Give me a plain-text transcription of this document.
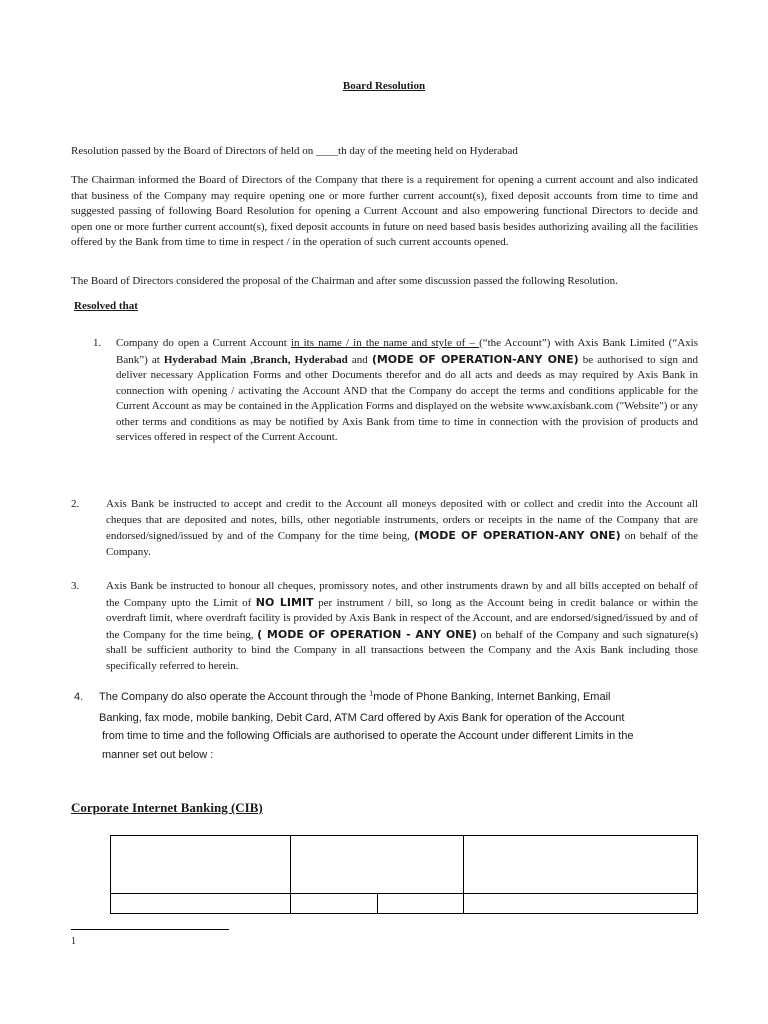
Board Resolution

Resolution passed by the Board of Directors of held on ____th day of the meeting held on Hyderabad

The Chairman informed the Board of Directors of the Company that there is a requirement for opening a current account and also indicated that business of the Company may require opening one or more further current account(s), fixed deposit accounts from time to time and suggested passing of following Board Resolution for opening a Current Account and also empowering functional Directors to decide and open one or more further current account(s), fixed deposit accounts in future on need based basis besides authorizing availing all the facilities offered by the Bank from time to time in respect / in the operation of such current accounts opened.

The Board of Directors considered the proposal of the Chairman and after some discussion passed the following Resolution.

Resolved that
1. Company do open a Current Account in its name / in the name and style of – (“the Account”) with Axis Bank Limited (“Axis Bank”) at Hyderabad Main ,Branch, Hyderabad and (MODE OF OPERATION-ANY ONE) be authorised to sign and deliver necessary Application Forms and other Documents therefor and do all acts and deeds as may required by Axis Bank in connection with opening / activating the Account AND that the Company do accept the terms and conditions applicable for the Current Account as may be contained in the Application Forms and displayed on the website www.axisbank.com ("Website") or any other terms and conditions as may be notified by Axis Bank from time to time in connection with the provision of products and services offered in respect of the Current Account.

2. Axis Bank be instructed to accept and credit to the Account all moneys deposited with or collect and credit into the Account all cheques that are deposited and notes, bills, other negotiable instruments, orders or receipts in the name of the Company that are endorsed/signed/issued by and of the Company for the time being, (MODE OF OPERATION-ANY ONE) on behalf of the Company.

3. Axis Bank be instructed to honour all cheques, promissory notes, and other instruments drawn by and all bills accepted on behalf of the Company upto the Limit of NO LIMIT per instrument / bill, so long as the Account being in credit balance or within the overdraft limit, where overdraft facility is provided by Axis Bank in respect of the Account, and are endorsed/signed/issued by and of the Company for the time being, ( MODE OF OPERATION - ANY ONE) on behalf of the Company and such signature(s) shall be sufficient authority to bind the Company in all transactions between the Company and the Axis Bank including those specifically referred to herein.

4. The Company do also operate the Account through the $^1$mode of Phone Banking, Internet Banking, Email
Banking, fax mode, mobile banking, Debit Card, ATM Card offered by Axis Bank for operation of the Account
from time to time and the following Officials are authorised to operate the Account under different Limits in the
manner set out below :
Corporate Internet Banking (CIB)

1
